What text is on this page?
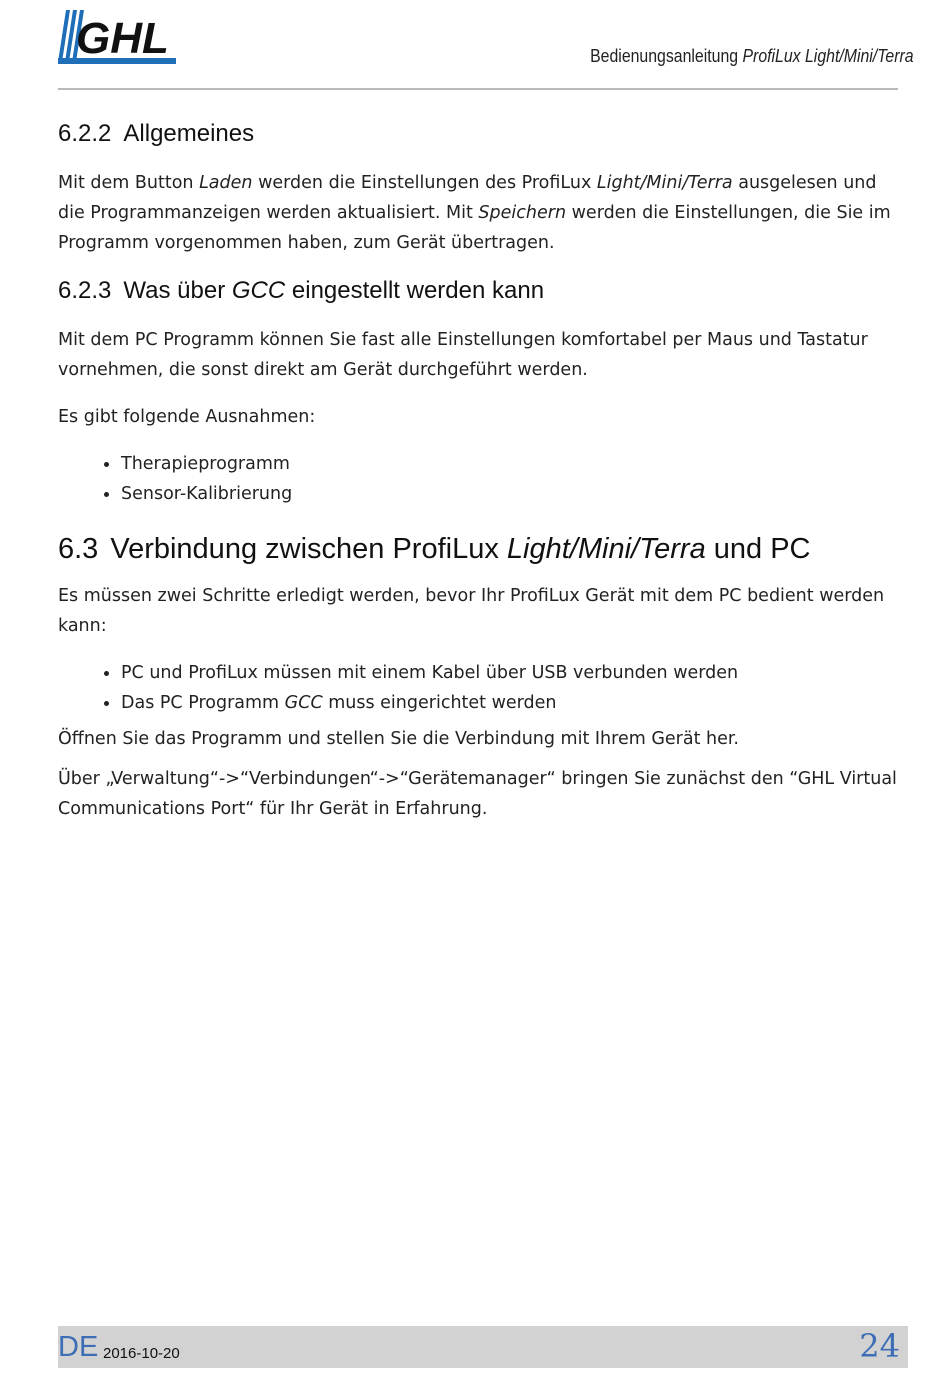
GHL	Bedienungsanleitung ProfiLux Light/Mini/Terra
6.2.2 Allgemeines

Mit dem Button Laden werden die Einstellungen des ProfiLux Light/Mini/Terra ausgelesen und die Programmanzeigen werden aktualisiert. Mit Speichern werden die Einstellungen, die Sie im Programm vorgenommen haben, zum Gerät übertragen.

6.2.3 Was über GCC eingestellt werden kann

Mit dem PC Programm können Sie fast alle Einstellungen komfortabel per Maus und Tastatur vornehmen, die sonst direkt am Gerät durchgeführt werden.

Es gibt folgende Ausnahmen:

• Therapieprogramm
• Sensor-Kalibrierung
6.3 Verbindung zwischen ProfiLux Light/Mini/Terra und PC

Es müssen zwei Schritte erledigt werden, bevor Ihr ProfiLux Gerät mit dem PC bedient werden kann:

• PC und ProfiLux müssen mit einem Kabel über USB verbunden werden
• Das PC Programm GCC muss eingerichtet werden

Öffnen Sie das Programm und stellen Sie die Verbindung mit Ihrem Gerät her.

Über „Verwaltung“->“Verbindungen“->“Gerätemanager“ bringen Sie zunächst den “GHL Virtual Communications Port“ für Ihr Gerät in Erfahrung.

DE 2016-10-20	24
